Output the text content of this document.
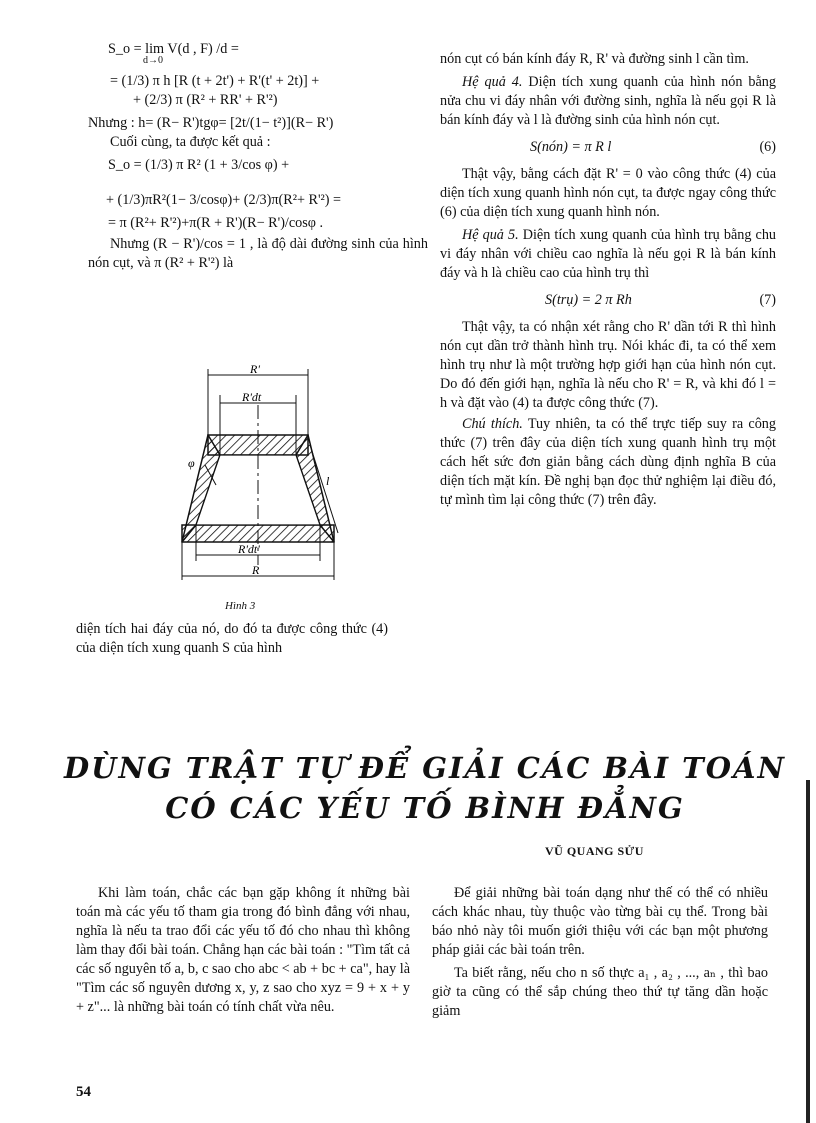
S_o = lim V(d , F) /d =

d→0

= (1/3) π h [R (t + 2t') + R'(t' + 2t)] +

+ (2/3) π (R² + RR' + R'²)

Nhưng : h= (R− R')tgφ= [2t/(1− t²)](R− R')

Cuối cùng, ta được kết quả :

S_o = (1/3) π R² (1 + 3/cos φ) +

+ (1/3)πR²(1− 3/cosφ)+ (2/3)π(R²+ R'²) =

= π (R²+ R'²)+π(R + R')(R− R')/cosφ .

Nhưng (R − R')/cos = 1 , là độ dài đường sinh của hình nón cụt, và π (R² + R'²) là

R'
R'dt
R'dt'
R
φ
l
Hình 3

diện tích hai đáy của nó, do đó ta được công thức (4) của diện tích xung quanh S của hình

nón cụt có bán kính đáy R, R' và đường sinh l cần tìm.

Hệ quả 4. Diện tích xung quanh của hình nón bằng nửa chu vi đáy nhân với đường sinh, nghĩa là nếu gọi R là bán kính đáy và l là đường sinh của hình nón cụt.

S(nón) = π R l	(6)

Thật vậy, bằng cách đặt R' = 0 vào công thức (4) của diện tích xung quanh hình nón cụt, ta được ngay công thức (6) của diện tích xung quanh hình nón.

Hệ quả 5. Diện tích xung quanh của hình trụ bằng chu vi đáy nhân với chiều cao nghĩa là nếu gọi R là bán kính đáy và h là chiều cao của hình trụ thì

S(trụ) = 2 π Rh	(7)

Thật vậy, ta có nhận xét rằng cho R' dần tới R thì hình nón cụt dần trở thành hình trụ. Nói khác đi, ta có thể xem hình trụ như là một trường hợp giới hạn của hình nón cụt. Do đó đến giới hạn, nghĩa là nếu cho R' = R, và khi đó l = h và đặt vào (4) ta được công thức (7).

Chú thích. Tuy nhiên, ta có thể trực tiếp suy ra công thức (7) trên đây của diện tích xung quanh hình trụ một cách hết sức đơn giản bằng cách dùng định nghĩa B của diện tích mặt kín. Đề nghị bạn đọc thử nghiệm lại điều đó, tự mình tìm lại công thức (7) trên đây.

DÙNG TRẬT TỰ ĐỂ GIẢI CÁC BÀI TOÁN
CÓ CÁC YẾU TỐ BÌNH ĐẲNG
VŨ QUANG SỬU

Khi làm toán, chắc các bạn gặp không ít những bài toán mà các yếu tố tham gia trong đó bình đẳng với nhau, nghĩa là nếu ta trao đổi các yếu tố đó cho nhau thì không làm thay đổi bài toán. Chẳng hạn các bài toán : "Tìm tất cả các số nguyên tố a, b, c sao cho abc < ab + bc + ca", hay là "Tìm các số nguyên dương x, y, z sao cho xyz = 9 + x + y + z"... là những bài toán có tính chất vừa nêu.

Để giải những bài toán dạng như thế có thể có nhiều cách khác nhau, tùy thuộc vào từng bài cụ thể. Trong bài báo nhỏ này tôi muốn giới thiệu với các bạn một phương pháp giải các bài toán trên.

Ta biết rằng, nếu cho n số thực a₁ , a₂ , ..., aₙ , thì bao giờ ta cũng có thể sắp chúng theo thứ tự tăng dần hoặc giảm

54
